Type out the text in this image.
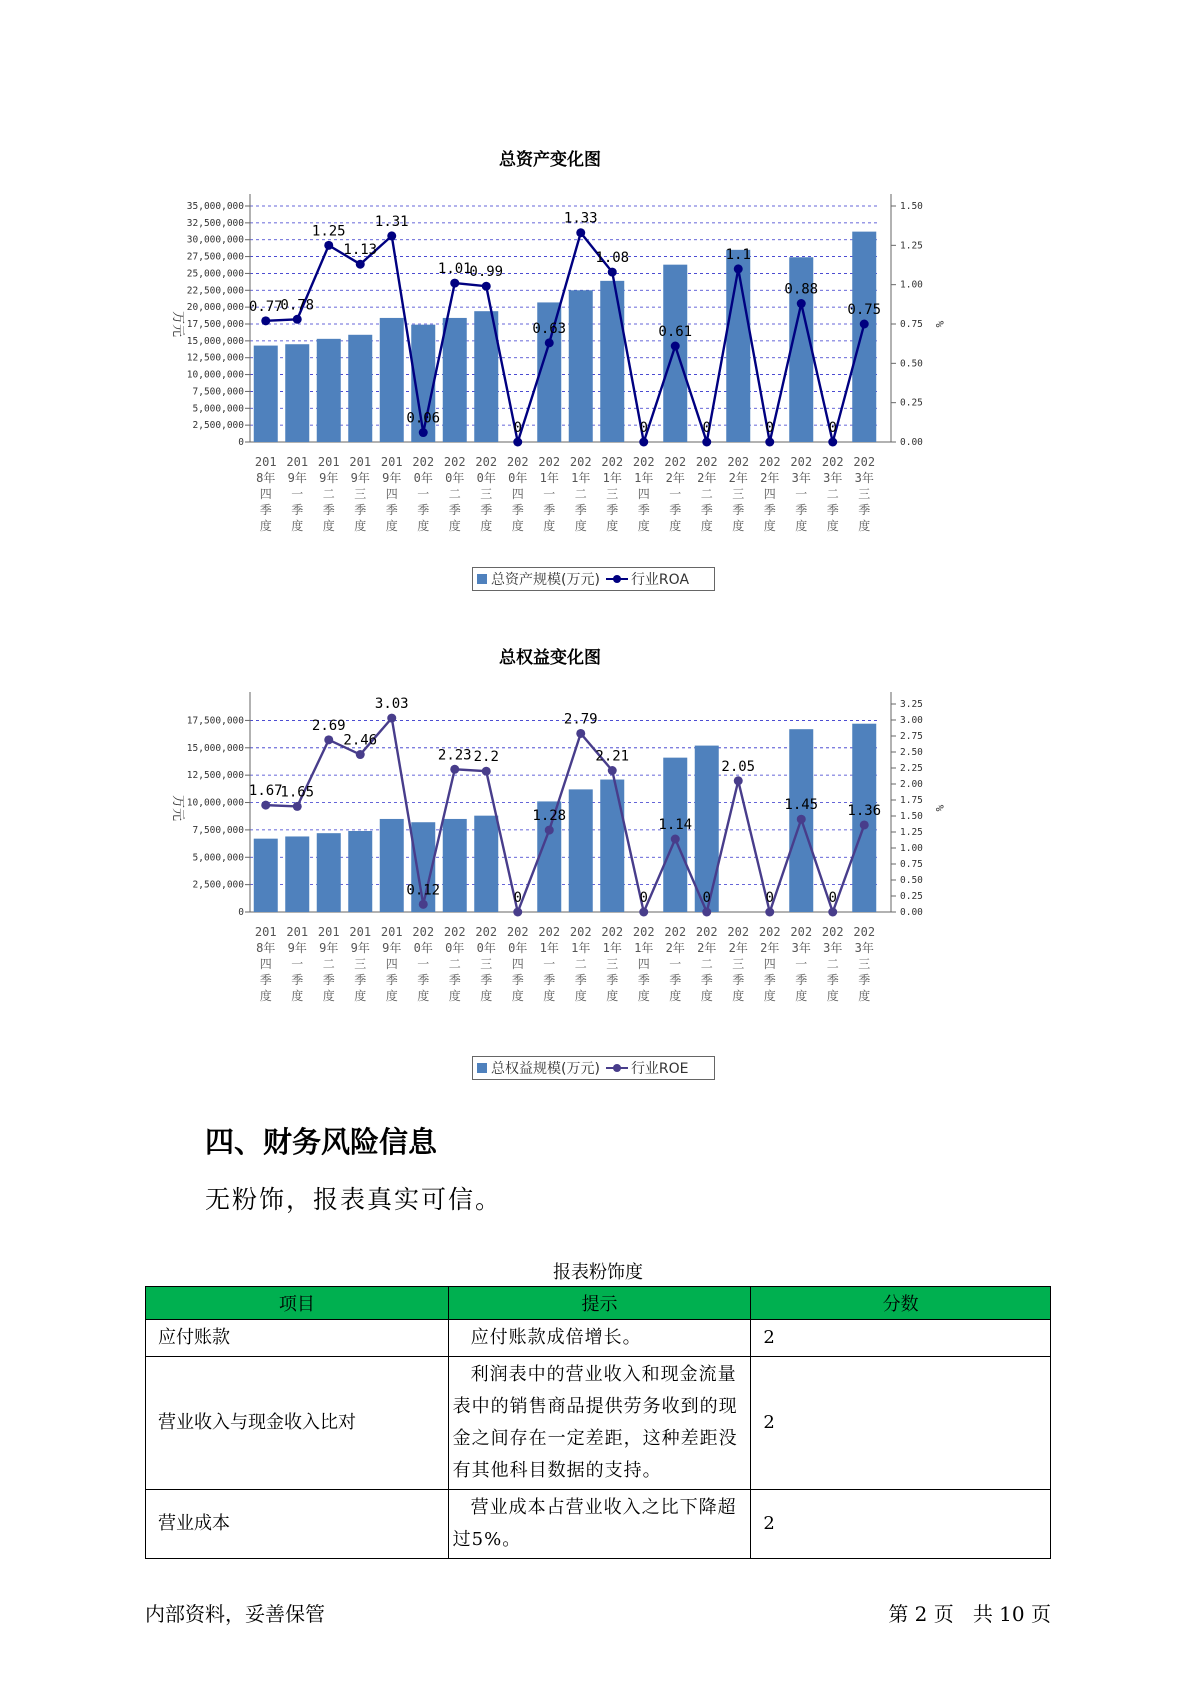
总资产变化图
0
2,500,000
5,000,000
7,500,000
10,000,000
12,500,000
15,000,000
17,500,000
20,000,000
22,500,000
25,000,000
27,500,000
30,000,000
32,500,000
35,000,000
0.00
0.25
0.50
0.75
1.00
1.25
1.50
万元	%
0.77
0.78
1.25
1.13
1.31
0.06
1.01
0.99
0
0.63
1.33
1.08
0
0.61
0
1.1
0
0.88
0
0.75
201
8年
四
季
度
201
9年
一
季
度
201
9年
二
季
度
201
9年
三
季
度
201
9年
四
季
度
202
0年
一
季
度
202
0年
二
季
度
202
0年
三
季
度
202
0年
四
季
度
202
1年
一
季
度
202
1年
二
季
度
202
1年
三
季
度
202
1年
四
季
度
202
2年
一
季
度
202
2年
二
季
度
202
2年
三
季
度
202
2年
四
季
度
202
3年
一
季
度
202
3年
二
季
度
202
3年
三
季
度
总资产规模(万元) 行业ROA
总权益变化图
0
2,500,000
5,000,000
7,500,000
10,000,000
12,500,000
15,000,000
17,500,000
0.00
0.25
0.50
0.75
1.00
1.25
1.50
1.75
2.00
2.25
2.50
2.75
3.00
3.25
万元	%
1.67
1.65
2.69
2.46
3.03
0.12
2.23 2.2
0
1.28
2.79
2.21
0
1.14
0
2.05
0
1.45
0
1.36
201
8年
四
季
度
201
9年
一
季
度
201
9年
二
季
度
201
9年
三
季
度
201
9年
四
季
度
202
0年
一
季
度
202
0年
二
季
度
202
0年
三
季
度
202
0年
四
季
度
202
1年
一
季
度
202
1年
二
季
度
202
1年
三
季
度
202
1年
四
季
度
202
2年
一
季
度
202
2年
二
季
度
202
2年
三
季
度
202
2年
四
季
度
202
3年
一
季
度
202
3年
二
季
度
202
3年
三
季
度
总权益规模(万元) 行业ROE
四、财务风险信息
无粉饰，报表真实可信。
报表粉饰度
项目	提示	分数
应付账款	应付账款成倍增长。	2
营业收入与现金收入比对	利润表中的营业收入和现金流量表中的销售商品提供劳务收到的现金之间存在一定差距，这种差距没有其他科目数据的支持。	2
营业成本	营业成本占营业收入之比下降超过5%。	2
内部资料，妥善保管	第 2 页   共 10 页
